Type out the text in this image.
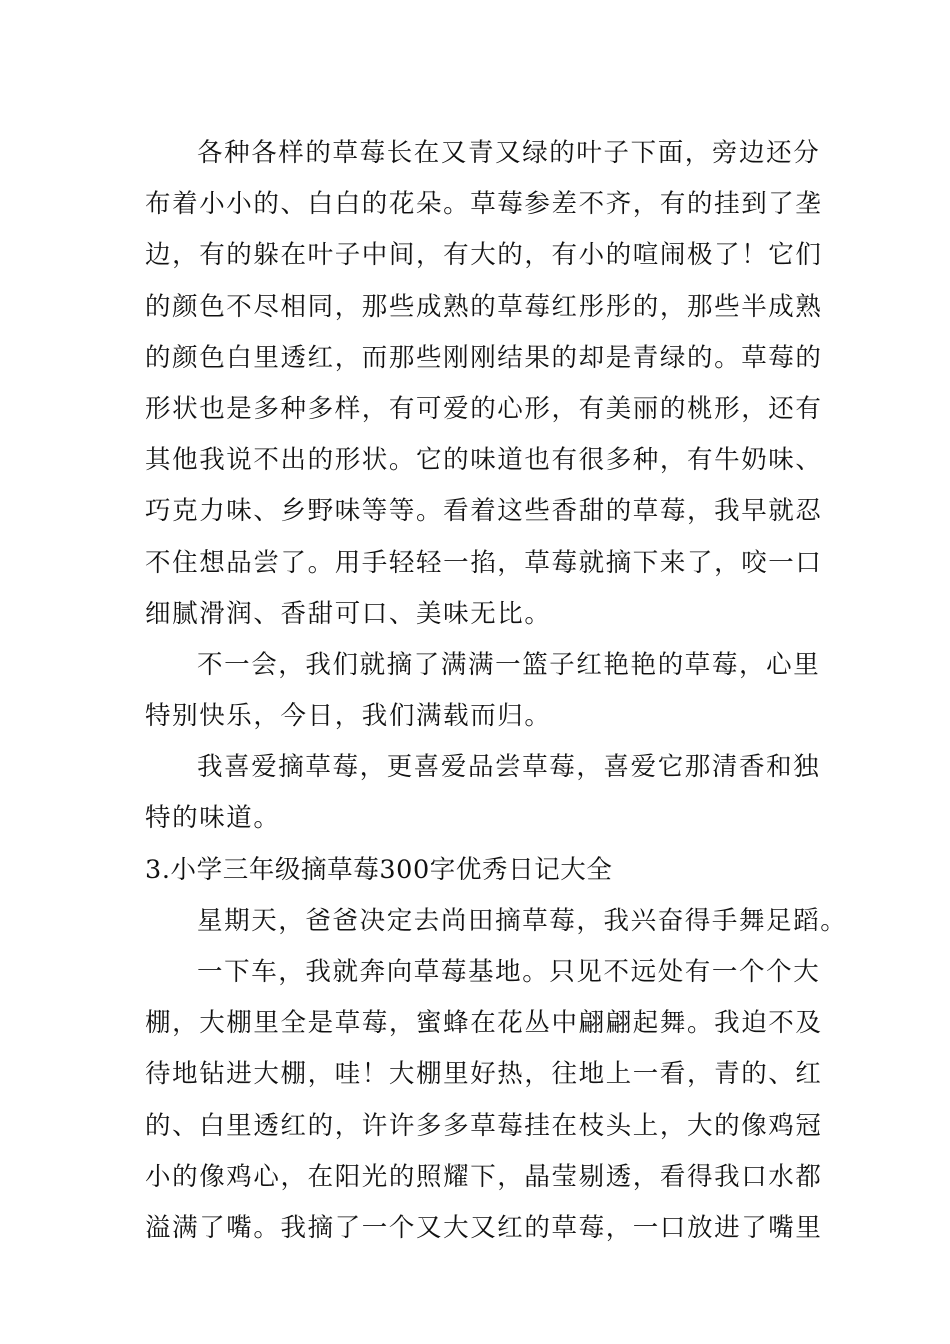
各种各样的草莓长在又青又绿的叶子下面，旁边还分
布着小小的、白白的花朵。草莓参差不齐，有的挂到了垄
边，有的躲在叶子中间，有大的，有小的喧闹极了！它们
的颜色不尽相同，那些成熟的草莓红彤彤的，那些半成熟
的颜色白里透红，而那些刚刚结果的却是青绿的。草莓的
形状也是多种多样，有可爱的心形，有美丽的桃形，还有
其他我说不出的形状。它的味道也有很多种，有牛奶味、
巧克力味、乡野味等等。看着这些香甜的草莓，我早就忍
不住想品尝了。用手轻轻一掐，草莓就摘下来了，咬一口
细腻滑润、香甜可口、美味无比。
不一会，我们就摘了满满一篮子红艳艳的草莓，心里
特别快乐，今日，我们满载而归。
我喜爱摘草莓，更喜爱品尝草莓，喜爱它那清香和独
特的味道。
3.小学三年级摘草莓300字优秀日记大全
星期天，爸爸决定去尚田摘草莓，我兴奋得手舞足蹈。
一下车，我就奔向草莓基地。只见不远处有一个个大
棚，大棚里全是草莓，蜜蜂在花丛中翩翩起舞。我迫不及
待地钻进大棚，哇！大棚里好热，往地上一看，青的、红
的、白里透红的，许许多多草莓挂在枝头上，大的像鸡冠
小的像鸡心，在阳光的照耀下，晶莹剔透，看得我口水都
溢满了嘴。我摘了一个又大又红的草莓，一口放进了嘴里
